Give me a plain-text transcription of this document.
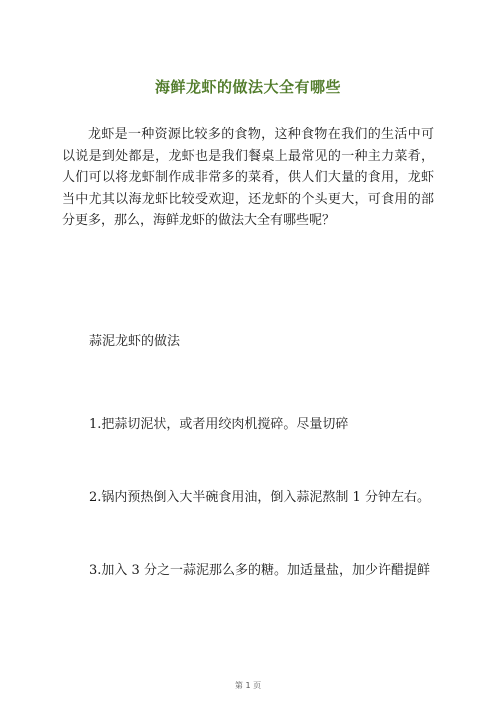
海鲜龙虾的做法大全有哪些

龙虾是一种资源比较多的食物，这种食物在我们的生活中可以说是到处都是，龙虾也是我们餐桌上最常见的一种主力菜肴，人们可以将龙虾制作成非常多的菜肴，供人们大量的食用，龙虾当中尤其以海龙虾比较受欢迎，还龙虾的个头更大，可食用的部分更多，那么，海鲜龙虾的做法大全有哪些呢？

蒜泥龙虾的做法

1.把蒜切泥状，或者用绞肉机搅碎。尽量切碎

2.锅内预热倒入大半碗食用油，倒入蒜泥熬制 1 分钟左右。

3.加入 3 分之一蒜泥那么多的糖。加适量盐，加少许醋提鲜

第 1 页
